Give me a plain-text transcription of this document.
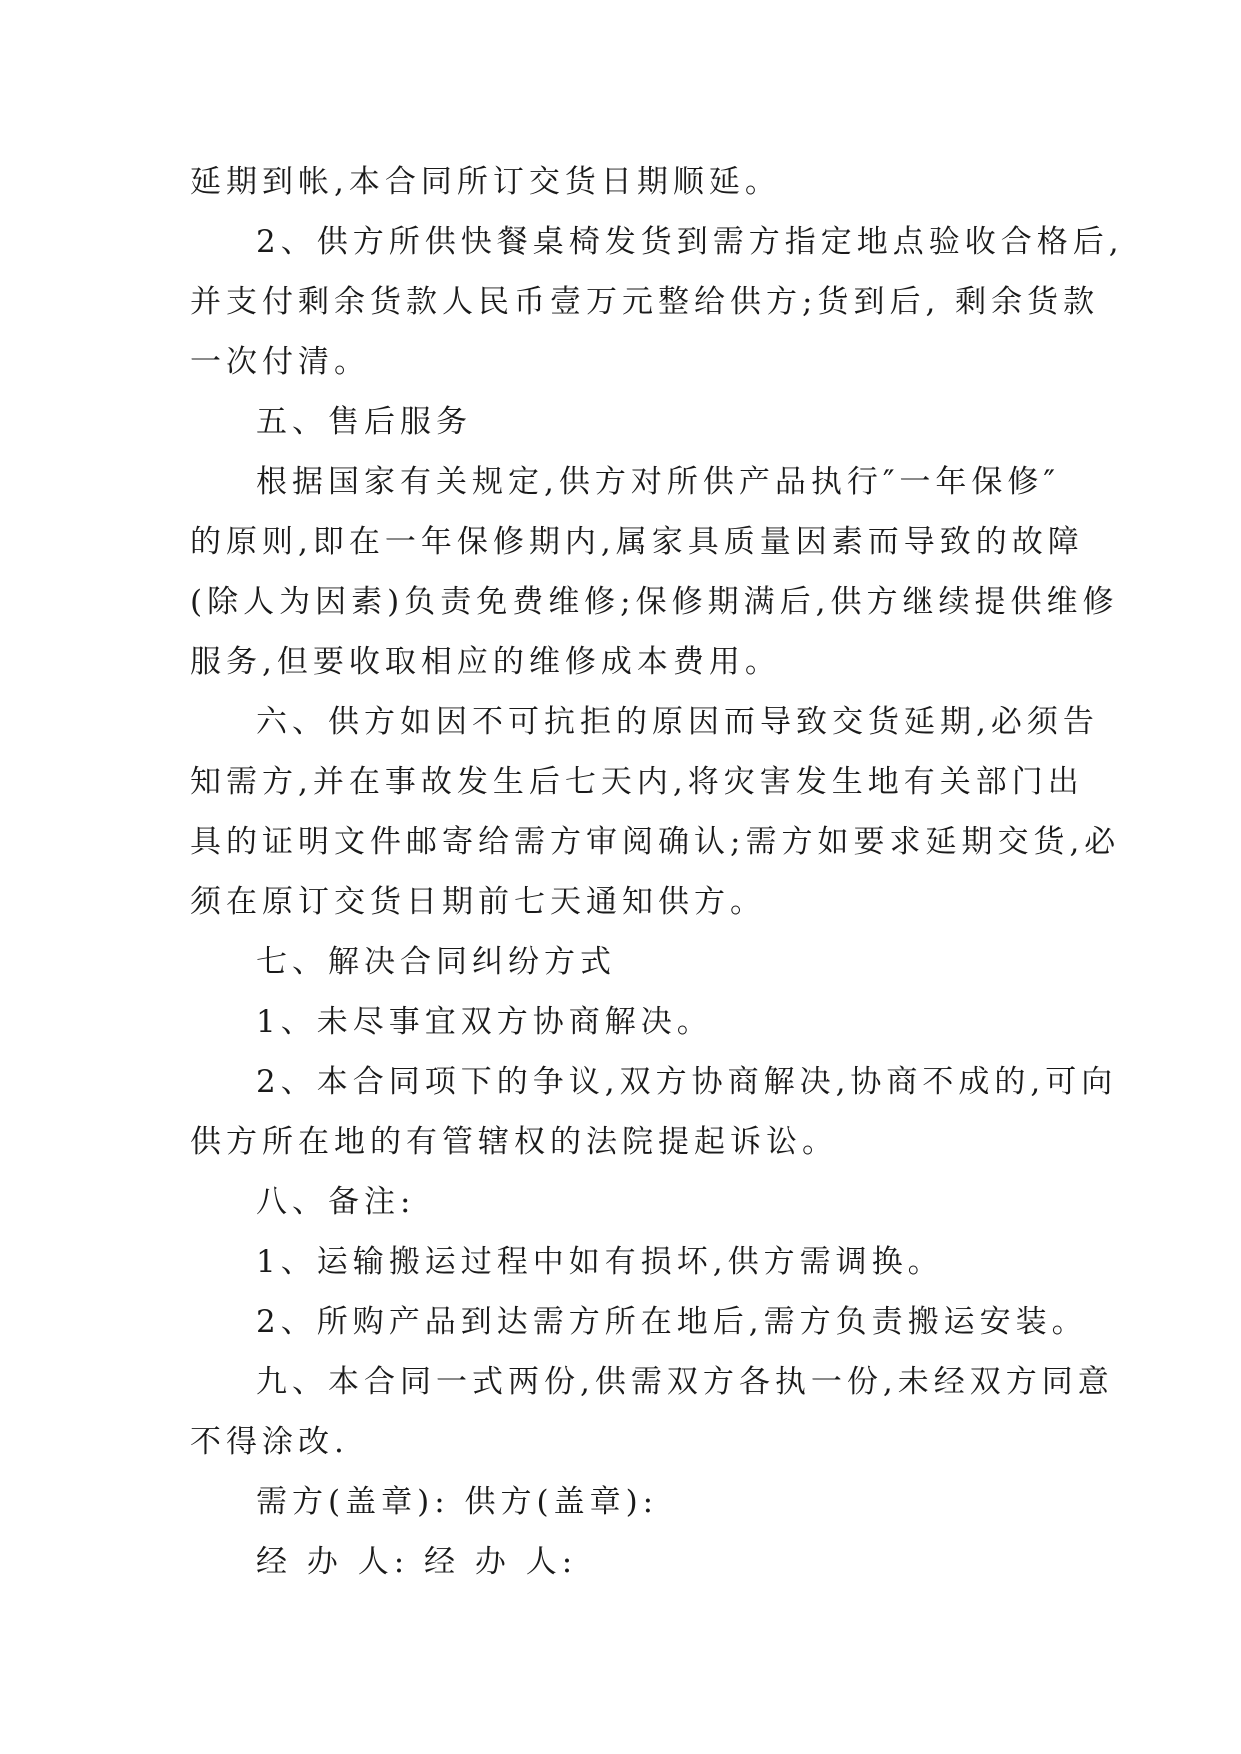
延期到帐,本合同所订交货日期顺延。

2、供方所供快餐桌椅发货到需方指定地点验收合格后,

并支付剩余货款人民币壹万元整给供方;货到后, 剩余货款

一次付清。

五、售后服务

根据国家有关规定,供方对所供产品执行″一年保修″

的原则,即在一年保修期内,属家具质量因素而导致的故障

(除人为因素)负责免费维修;保修期满后,供方继续提供维修

服务,但要收取相应的维修成本费用。

六、供方如因不可抗拒的原因而导致交货延期,必须告

知需方,并在事故发生后七天内,将灾害发生地有关部门出

具的证明文件邮寄给需方审阅确认;需方如要求延期交货,必

须在原订交货日期前七天通知供方。

七、解决合同纠纷方式

1、未尽事宜双方协商解决。

2、本合同项下的争议,双方协商解决,协商不成的,可向

供方所在地的有管辖权的法院提起诉讼。

八、备注:

1、运输搬运过程中如有损坏,供方需调换。

2、所购产品到达需方所在地后,需方负责搬运安装。

九、本合同一式两份,供需双方各执一份,未经双方同意

不得涂改.

需方(盖章): 供方(盖章):

经 办 人: 经 办 人:
